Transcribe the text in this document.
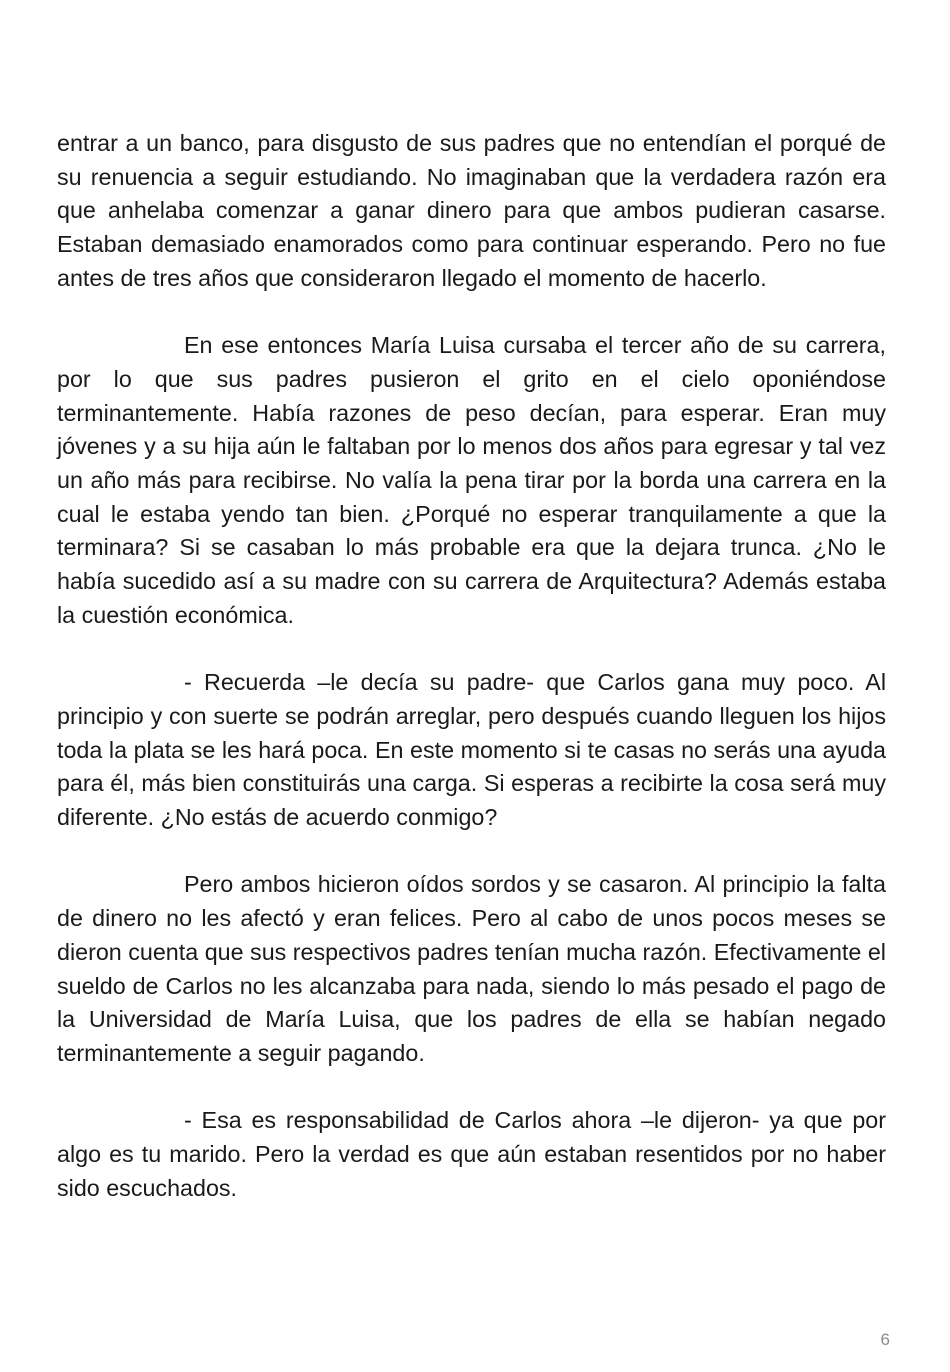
entrar a un banco, para disgusto de sus padres que no entendían el porqué de su renuencia a seguir estudiando. No imaginaban que la verdadera razón era que anhelaba comenzar a ganar dinero para que ambos pudieran casarse. Estaban demasiado enamorados como para continuar esperando. Pero no fue antes de tres años que consideraron llegado el momento de hacerlo.

En ese entonces María Luisa cursaba el tercer año de su carrera, por lo que sus padres pusieron el grito en el cielo oponiéndose terminantemente. Había razones de peso decían, para esperar. Eran muy jóvenes y a su hija aún le faltaban por lo menos dos años para egresar y tal vez un año más para recibirse. No valía la pena tirar por la borda una carrera en la cual le estaba yendo tan bien. ¿Porqué no esperar tranquilamente a que la terminara? Si se casaban lo más probable era que la dejara trunca. ¿No le había sucedido así a su madre con su carrera de Arquitectura? Además estaba la cuestión económica.

- Recuerda –le decía su padre- que Carlos gana muy poco. Al principio y con suerte se podrán arreglar, pero después cuando lleguen los hijos toda la plata se les hará poca. En este momento si te casas no serás una ayuda para él, más bien constituirás una carga. Si esperas a recibirte la cosa será muy diferente. ¿No estás de acuerdo conmigo?

Pero ambos hicieron oídos sordos y se casaron. Al principio la falta de dinero no les afectó y eran felices. Pero al cabo de unos pocos meses se dieron cuenta que sus respectivos padres tenían mucha razón. Efectivamente el sueldo de Carlos no les alcanzaba para nada, siendo lo más pesado el pago de la Universidad de María Luisa, que los padres de ella se habían negado terminantemente a seguir pagando.

- Esa es responsabilidad de Carlos ahora –le dijeron- ya que por algo es tu marido. Pero la verdad es que aún estaban resentidos por no haber sido escuchados.

6
